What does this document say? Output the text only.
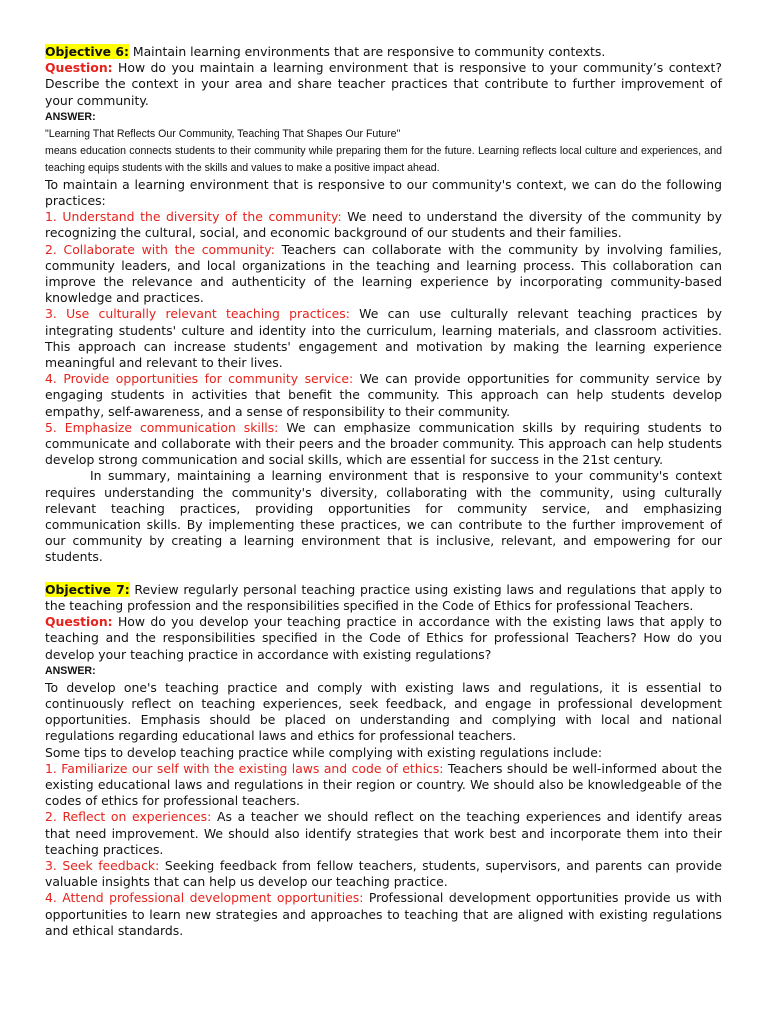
Objective 6: Maintain learning environments that are responsive to community contexts.

Question: How do you maintain a learning environment that is responsive to your community’s context? Describe the context in your area and share teacher practices that contribute to further improvement of your community.

ANSWER:

"Learning That Reflects Our Community, Teaching That Shapes Our Future"

means education connects students to their community while preparing them for the future. Learning reflects local culture and experiences, and teaching equips students with the skills and values to make a positive impact ahead.

To maintain a learning environment that is responsive to our community's context, we can do the following practices:

1. Understand the diversity of the community: We need to understand the diversity of the community by recognizing the cultural, social, and economic background of our students and their families.

2. Collaborate with the community: Teachers can collaborate with the community by involving families, community leaders, and local organizations in the teaching and learning process. This collaboration can improve the relevance and authenticity of the learning experience by incorporating community-based knowledge and practices.

3. Use culturally relevant teaching practices: We can use culturally relevant teaching practices by integrating students' culture and identity into the curriculum, learning materials, and classroom activities. This approach can increase students' engagement and motivation by making the learning experience meaningful and relevant to their lives.

4. Provide opportunities for community service: We can provide opportunities for community service by engaging students in activities that benefit the community. This approach can help students develop empathy, self-awareness, and a sense of responsibility to their community.

5. Emphasize communication skills: We can emphasize communication skills by requiring students to communicate and collaborate with their peers and the broader community. This approach can help students develop strong communication and social skills, which are essential for success in the 21st century.

In summary, maintaining a learning environment that is responsive to your community's context requires understanding the community's diversity, collaborating with the community, using culturally relevant teaching practices, providing opportunities for community service, and emphasizing communication skills. By implementing these practices, we can contribute to the further improvement of our community by creating a learning environment that is inclusive, relevant, and empowering for our students.

Objective 7: Review regularly personal teaching practice using existing laws and regulations that apply to the teaching profession and the responsibilities specified in the Code of Ethics for professional Teachers.

Question: How do you develop your teaching practice in accordance with the existing laws that apply to teaching and the responsibilities specified in the Code of Ethics for professional Teachers? How do you develop your teaching practice in accordance with existing regulations?

ANSWER:

To develop one's teaching practice and comply with existing laws and regulations, it is essential to continuously reflect on teaching experiences, seek feedback, and engage in professional development opportunities. Emphasis should be placed on understanding and complying with local and national regulations regarding educational laws and ethics for professional teachers.

Some tips to develop teaching practice while complying with existing regulations include:

1. Familiarize our self with the existing laws and code of ethics: Teachers should be well-informed about the existing educational laws and regulations in their region or country. We should also be knowledgeable of the codes of ethics for professional teachers.

2. Reflect on experiences: As a teacher we should reflect on the teaching experiences and identify areas that need improvement. We should also identify strategies that work best and incorporate them into their teaching practices.

3. Seek feedback: Seeking feedback from fellow teachers, students, supervisors, and parents can provide valuable insights that can help us develop our teaching practice.

4. Attend professional development opportunities: Professional development opportunities provide us with opportunities to learn new strategies and approaches to teaching that are aligned with existing regulations and ethical standards.
